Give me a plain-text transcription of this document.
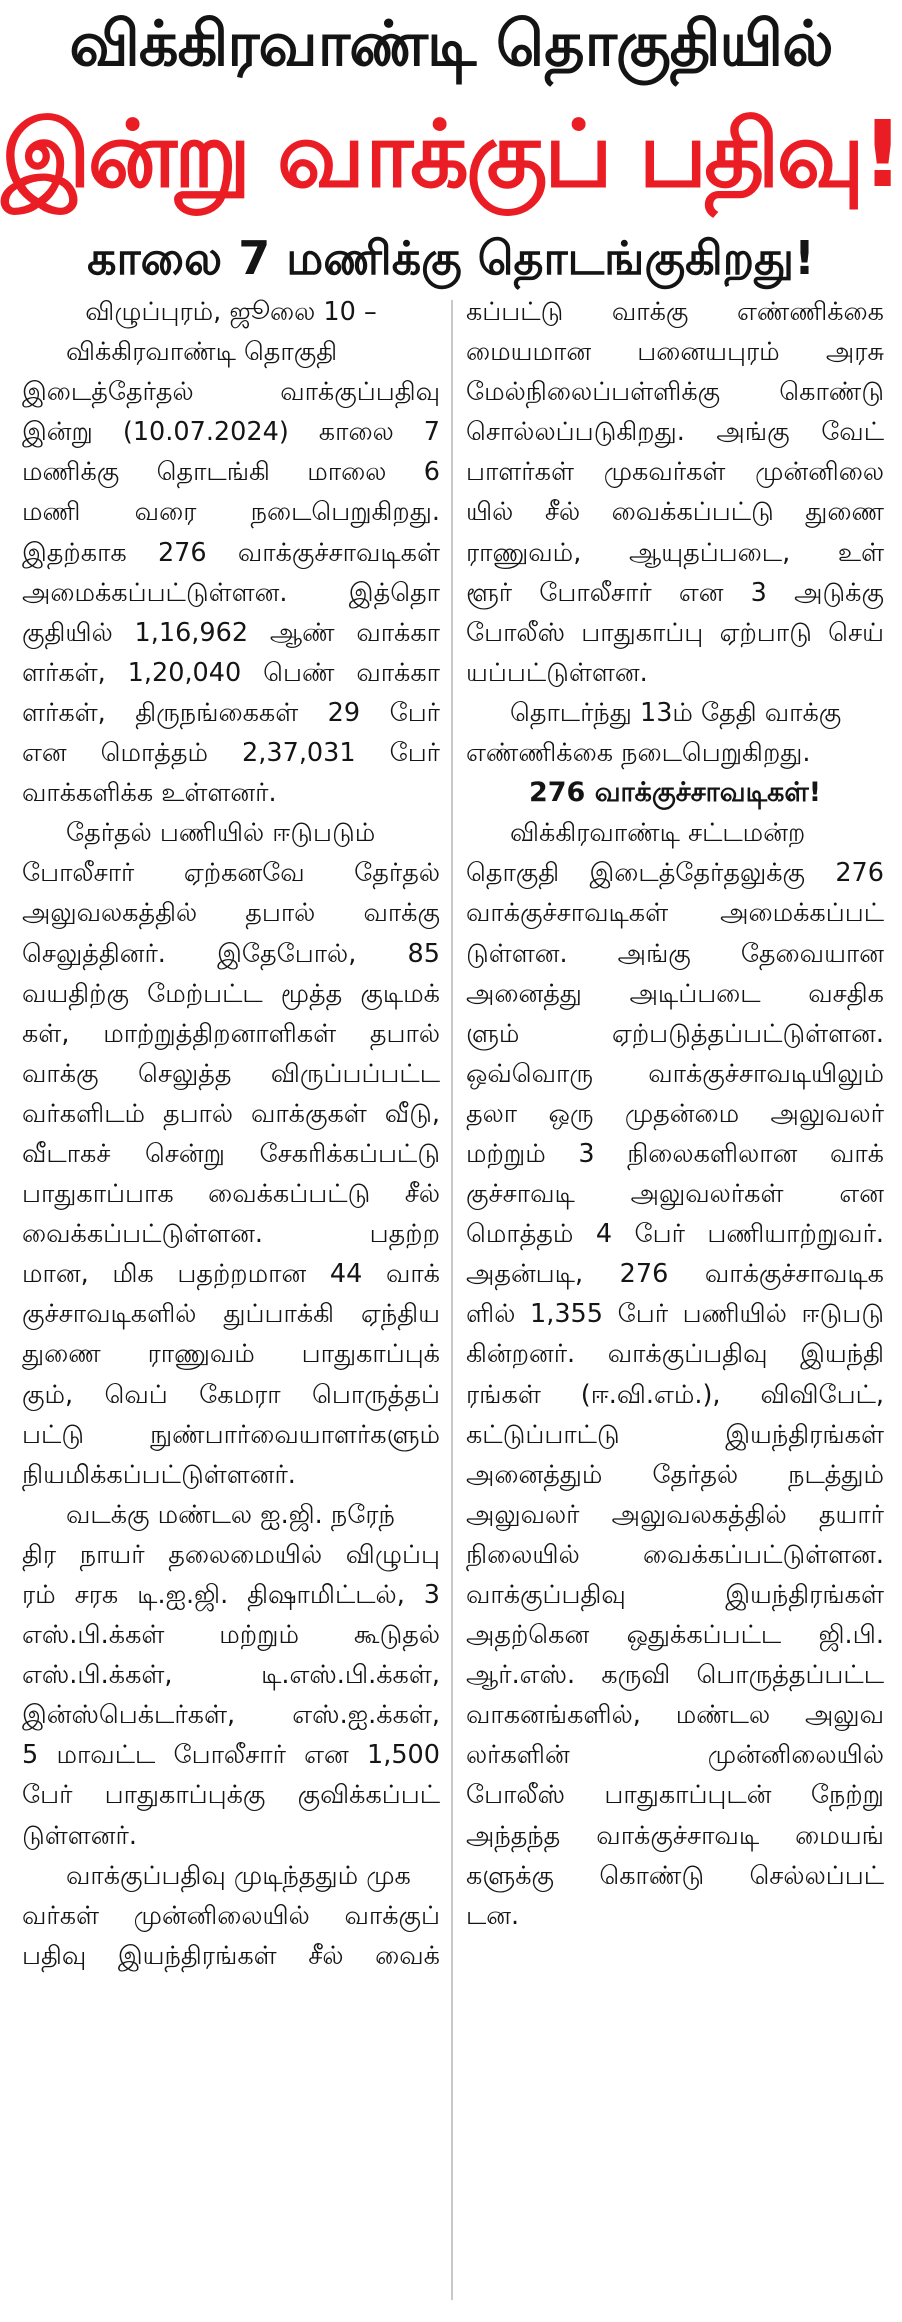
விக்கிரவாண்டி தொகுதியில்
இன்று வாக்குப் பதிவு!
காலை 7 மணிக்கு தொடங்குகிறது!
விழுப்புரம், ஜூலை 10 –
விக்கிரவாண்டி தொகுதி
இடைத்தேர்தல் வாக்குப்பதிவு
இன்று (10.07.2024) காலை 7
மணிக்கு தொடங்கி மாலை 6
மணி வரை நடைபெறுகிறது.
இதற்காக 276 வாக்குச்சாவடிகள்
அமைக்கப்பட்டுள்ளன. இத்தொ
குதியில் 1,16,962 ஆண் வாக்கா
ளர்கள், 1,20,040 பெண் வாக்கா
ளர்கள், திருநங்கைகள் 29 பேர்
என மொத்தம் 2,37,031 பேர்
வாக்களிக்க உள்ளனர்.
தேர்தல் பணியில் ஈடுபடும்
போலீசார் ஏற்கனவே தேர்தல்
அலுவலகத்தில் தபால் வாக்கு
செலுத்தினர். இதேபோல், 85
வயதிற்கு மேற்பட்ட மூத்த குடிமக்
கள், மாற்றுத்திறனாளிகள் தபால்
வாக்கு செலுத்த விருப்பப்பட்ட
வர்களிடம் தபால் வாக்குகள் வீடு,
வீடாகச் சென்று சேகரிக்கப்பட்டு
பாதுகாப்பாக வைக்கப்பட்டு சீல்
வைக்கப்பட்டுள்ளன. பதற்ற
மான, மிக பதற்றமான 44 வாக்
குச்சாவடிகளில் துப்பாக்கி ஏந்திய
துணை ராணுவம் பாதுகாப்புக்
கும், வெப் கேமரா பொருத்தப்
பட்டு நுண்பார்வையாளர்களும்
நியமிக்கப்பட்டுள்ளனர்.
வடக்கு மண்டல ஐ.ஜி. நரேந்
திர நாயர் தலைமையில் விழுப்பு
ரம் சரக டி.ஐ.ஜி. திஷாமிட்டல், 3
எஸ்.பி.க்கள் மற்றும் கூடுதல்
எஸ்.பி.க்கள், டி.எஸ்.பி.க்கள்,
இன்ஸ்பெக்டர்கள், எஸ்.ஐ.க்கள்,
5 மாவட்ட போலீசார் என 1,500
பேர் பாதுகாப்புக்கு குவிக்கப்பட்
டுள்ளனர்.
வாக்குப்பதிவு முடிந்ததும் முக
வர்கள் முன்னிலையில் வாக்குப்
பதிவு இயந்திரங்கள் சீல் வைக்
கப்பட்டு வாக்கு எண்ணிக்கை
மையமான பனையபுரம் அரசு
மேல்நிலைப்பள்ளிக்கு கொண்டு
சொல்லப்படுகிறது. அங்கு வேட்
பாளர்கள் முகவர்கள் முன்னிலை
யில் சீல் வைக்கப்பட்டு துணை
ராணுவம், ஆயுதப்படை, உள்
ளூர் போலீசார் என 3 அடுக்கு
போலீஸ் பாதுகாப்பு ஏற்பாடு செய்
யப்பட்டுள்ளன.
தொடர்ந்து 13ம் தேதி வாக்கு
எண்ணிக்கை நடைபெறுகிறது.
276 வாக்குச்சாவடிகள்!
விக்கிரவாண்டி சட்டமன்ற
தொகுதி இடைத்தேர்தலுக்கு 276
வாக்குச்சாவடிகள் அமைக்கப்பட்
டுள்ளன. அங்கு தேவையான
அனைத்து அடிப்படை வசதிக
ளும் ஏற்படுத்தப்பட்டுள்ளன.
ஒவ்வொரு வாக்குச்சாவடியிலும்
தலா ஒரு முதன்மை அலுவலர்
மற்றும் 3 நிலைகளிலான வாக்
குச்சாவடி அலுவலர்கள் என
மொத்தம் 4 பேர் பணியாற்றுவர்.
அதன்படி, 276 வாக்குச்சாவடிக
ளில் 1,355 பேர் பணியில் ஈடுபடு
கின்றனர். வாக்குப்பதிவு இயந்தி
ரங்கள் (ஈ.வி.எம்.), விவிபேட்,
கட்டுப்பாட்டு இயந்திரங்கள்
அனைத்தும் தேர்தல் நடத்தும்
அலுவலர் அலுவலகத்தில் தயார்
நிலையில் வைக்கப்பட்டுள்ளன.
வாக்குப்பதிவு இயந்திரங்கள்
அதற்கென ஒதுக்கப்பட்ட ஜி.பி.
ஆர்.எஸ். கருவி பொருத்தப்பட்ட
வாகனங்களில், மண்டல அலுவ
லர்களின் முன்னிலையில்
போலீஸ் பாதுகாப்புடன் நேற்று
அந்தந்த வாக்குச்சாவடி மையங்
களுக்கு கொண்டு செல்லப்பட்
டன.
